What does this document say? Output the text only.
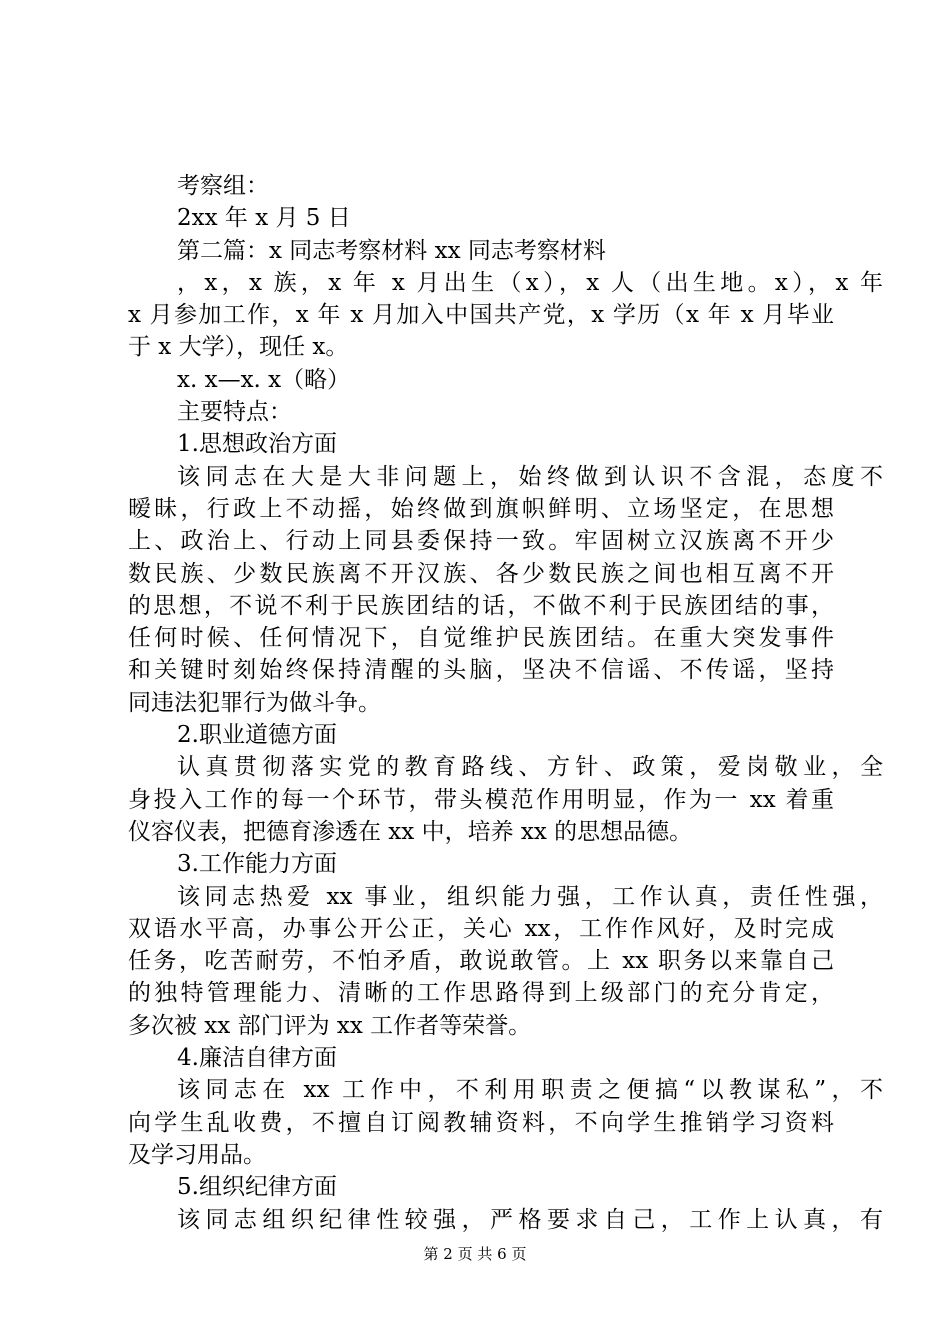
考察组：
2xx 年 x 月 5 日
第二篇：x 同志考察材料 xx 同志考察材料
，x，x 族，x 年 x 月出生（x），x 人（出生地。x），x 年
x 月参加工作，x 年 x 月加入中国共产党，x 学历（x 年 x 月毕业
于 x 大学），现任 x。
x. x—x. x（略）
主要特点：
1.思想政治方面
该同志在大是大非问题上，始终做到认识不含混，态度不
暧昧，行政上不动摇，始终做到旗帜鲜明、立场坚定，在思想
上、政治上、行动上同县委保持一致。牢固树立汉族离不开少
数民族、少数民族离不开汉族、各少数民族之间也相互离不开
的思想，不说不利于民族团结的话，不做不利于民族团结的事，
任何时候、任何情况下，自觉维护民族团结。在重大突发事件
和关键时刻始终保持清醒的头脑，坚决不信谣、不传谣，坚持
同违法犯罪行为做斗争。
2.职业道德方面
认真贯彻落实党的教育路线、方针、政策，爱岗敬业，全
身投入工作的每一个环节，带头模范作用明显，作为一 xx 着重
仪容仪表，把德育渗透在 xx 中，培养 xx 的思想品德。
3.工作能力方面
该同志热爱 xx 事业，组织能力强，工作认真，责任性强，
双语水平高，办事公开公正，关心 xx，工作作风好，及时完成
任务，吃苦耐劳，不怕矛盾，敢说敢管。上 xx 职务以来靠自己
的独特管理能力、清晰的工作思路得到上级部门的充分肯定，
多次被 xx 部门评为 xx 工作者等荣誉。
4.廉洁自律方面
该同志在 xx 工作中，不利用职责之便搞“以教谋私”，不
向学生乱收费，不擅自订阅教辅资料，不向学生推销学习资料
及学习用品。
5.组织纪律方面
该同志组织纪律性较强，严格要求自己，工作上认真，有
第 2 页 共 6 页
